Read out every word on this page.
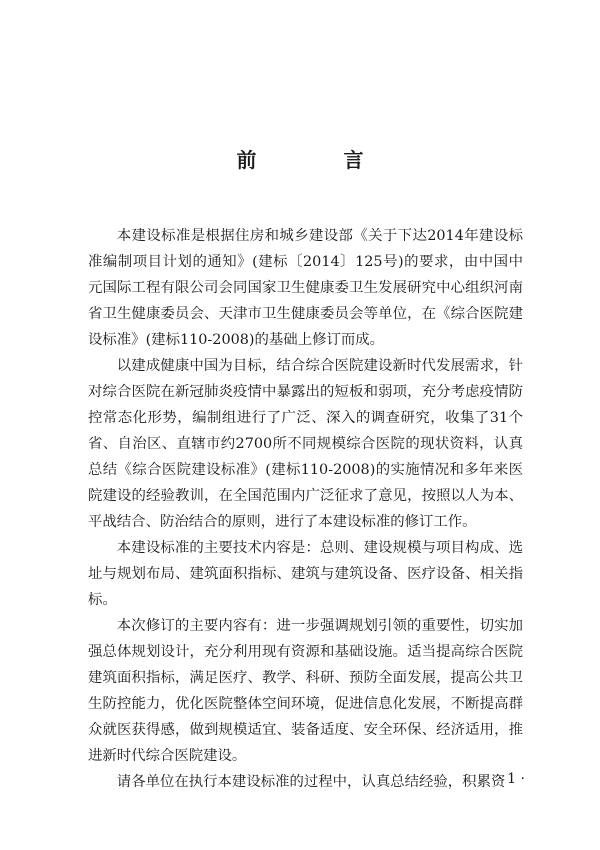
前 言

本建设标准是根据住房和城乡建设部《关于下达2014年建设标准编制项目计划的通知》(建标〔2014〕125号)的要求，由中国中元国际工程有限公司会同国家卫生健康委卫生发展研究中心组织河南省卫生健康委员会、天津市卫生健康委员会等单位，在《综合医院建设标准》(建标110-2008)的基础上修订而成。

以建成健康中国为目标，结合综合医院建设新时代发展需求，针对综合医院在新冠肺炎疫情中暴露出的短板和弱项，充分考虑疫情防控常态化形势，编制组进行了广泛、深入的调查研究，收集了31个省、自治区、直辖市约2700所不同规模综合医院的现状资料，认真总结《综合医院建设标准》(建标110-2008)的实施情况和多年来医院建设的经验教训，在全国范围内广泛征求了意见，按照以人为本、平战结合、防治结合的原则，进行了本建设标准的修订工作。

本建设标准的主要技术内容是：总则、建设规模与项目构成、选址与规划布局、建筑面积指标、建筑与建筑设备、医疗设备、相关指标。

本次修订的主要内容有：进一步强调规划引领的重要性，切实加强总体规划设计，充分利用现有资源和基础设施。适当提高综合医院建筑面积指标，满足医疗、教学、科研、预防全面发展，提高公共卫生防控能力，优化医院整体空间环境，促进信息化发展，不断提高群众就医获得感，做到规模适宜、装备适度、安全环保、经济适用，推进新时代综合医院建设。

请各单位在执行本建设标准的过程中，认真总结经验，积累资

· 1 ·
